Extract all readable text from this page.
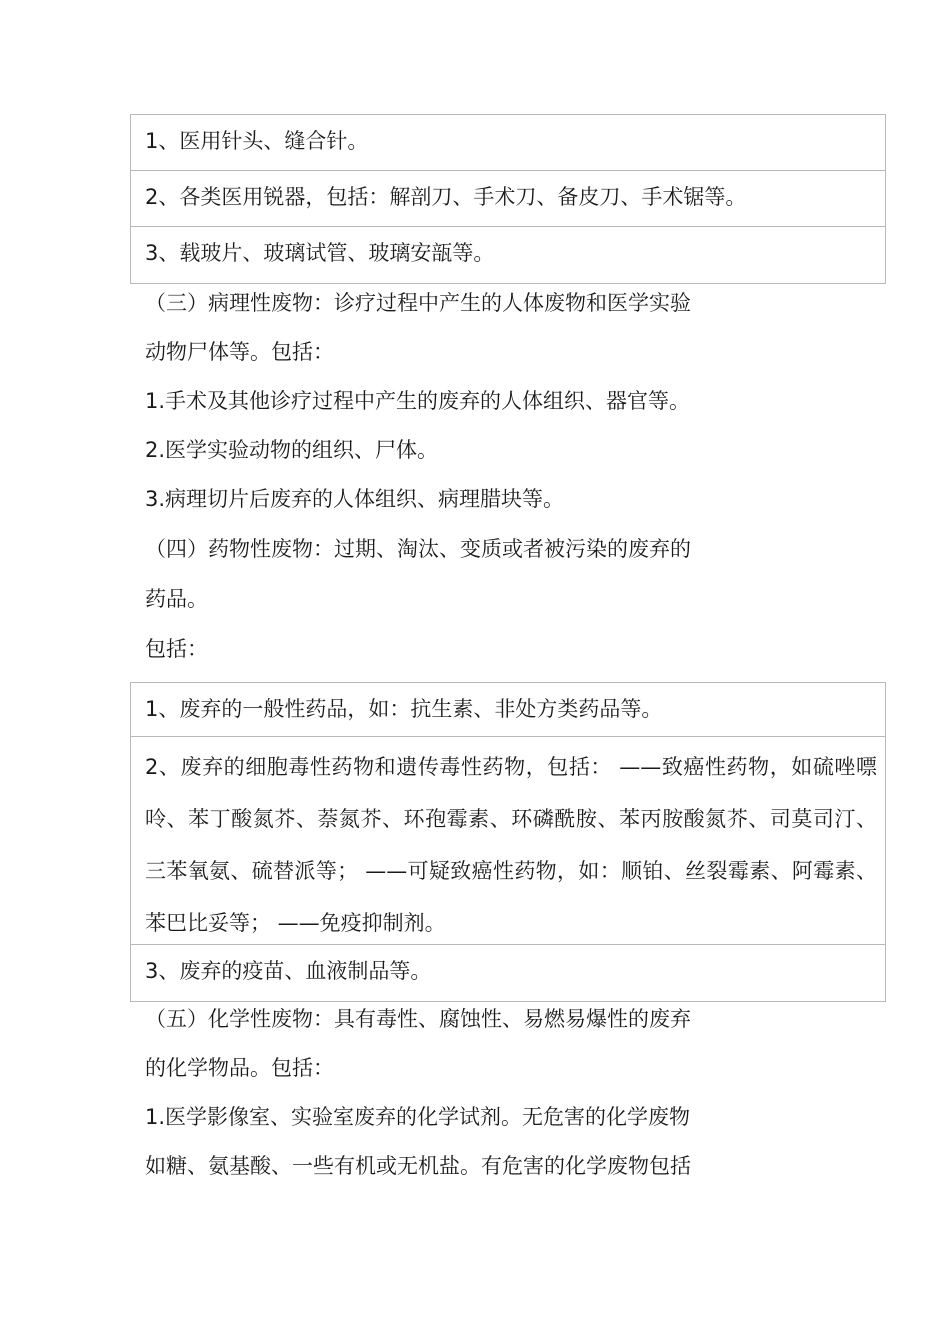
1、医用针头、缝合针。
2、各类医用锐器，包括：解剖刀、手术刀、备皮刀、手术锯等。
3、载玻片、玻璃试管、玻璃安瓿等。
（三）病理性废物：诊疗过程中产生的人体废物和医学实验
动物尸体等。包括：
1.手术及其他诊疗过程中产生的废弃的人体组织、器官等。
2.医学实验动物的组织、尸体。
3.病理切片后废弃的人体组织、病理腊块等。
（四）药物性废物：过期、淘汰、变质或者被污染的废弃的
药品。
包括：
1、废弃的一般性药品，如：抗生素、非处方类药品等。
2、废弃的细胞毒性药物和遗传毒性药物，包括： ——致癌性药物，如硫唑嘌呤、苯丁酸氮芥、萘氮芥、环孢霉素、环磷酰胺、苯丙胺酸氮芥、司莫司汀、三苯氧氨、硫替派等； ——可疑致癌性药物，如：顺铂、丝裂霉素、阿霉素、苯巴比妥等； ——免疫抑制剂。
3、废弃的疫苗、血液制品等。
（五）化学性废物：具有毒性、腐蚀性、易燃易爆性的废弃
的化学物品。包括：
1.医学影像室、实验室废弃的化学试剂。无危害的化学废物
如糖、氨基酸、一些有机或无机盐。有危害的化学废物包括
